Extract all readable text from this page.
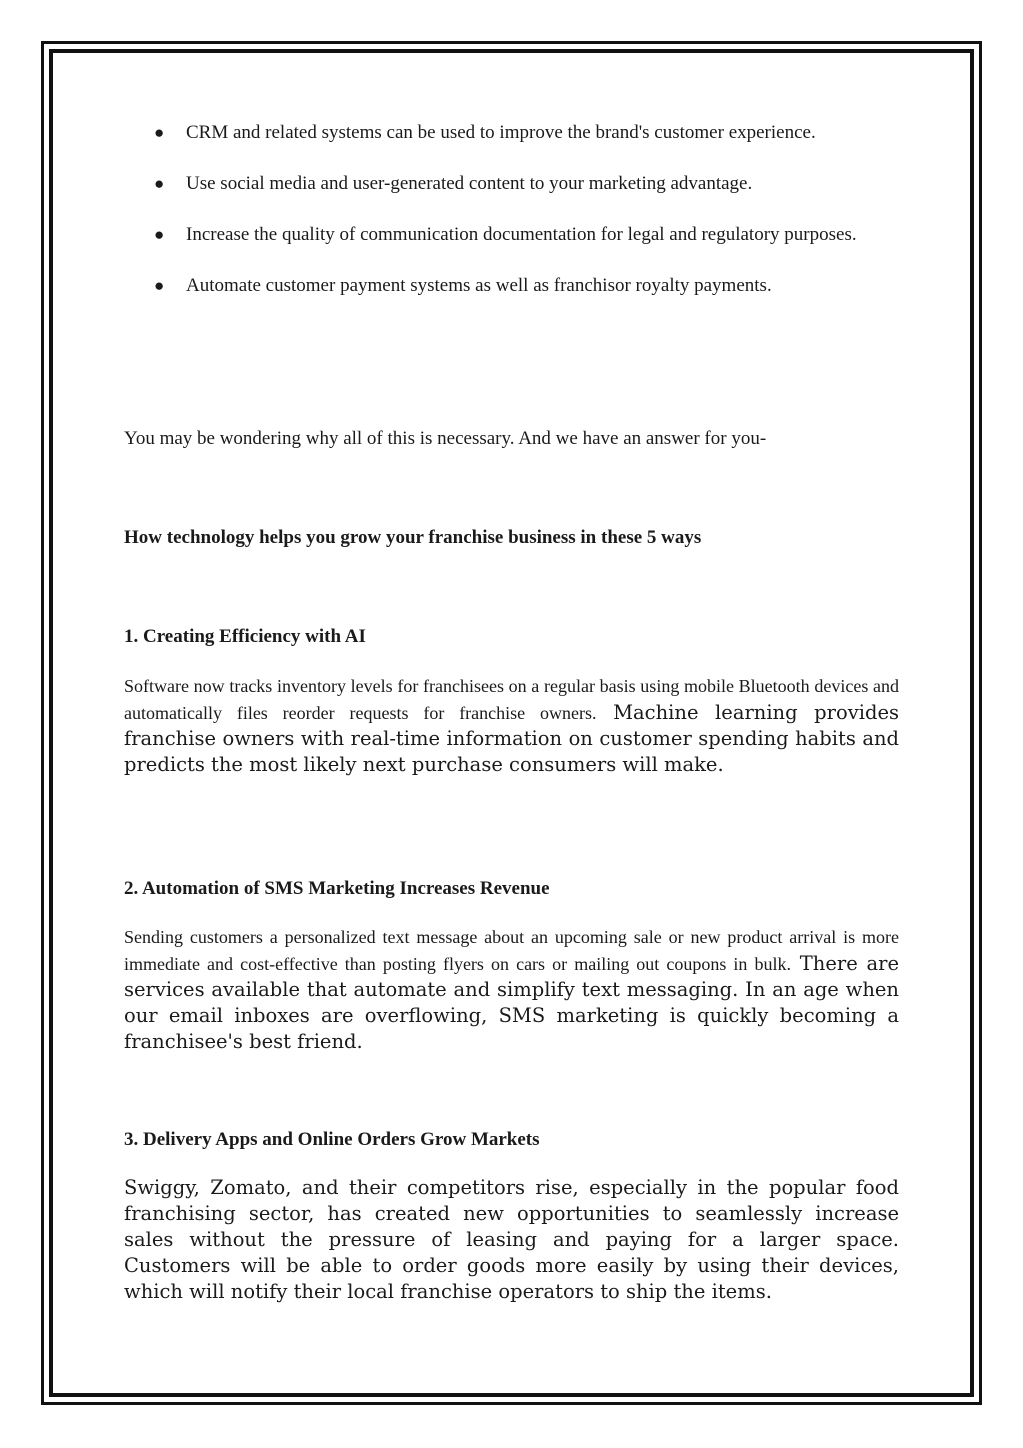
● CRM and related systems can be used to improve the brand's customer experience.
● Use social media and user-generated content to your marketing advantage.
● Increase the quality of communication documentation for legal and regulatory purposes.
● Automate customer payment systems as well as franchisor royalty payments.

You may be wondering why all of this is necessary. And we have an answer for you-

How technology helps you grow your franchise business in these 5 ways
1. Creating Efficiency with AI

Software now tracks inventory levels for franchisees on a regular basis using mobile Bluetooth devices and automatically files reorder requests for franchise owners. Machine learning provides franchise owners with real-time information on customer spending habits and predicts the most likely next purchase consumers will make.

2. Automation of SMS Marketing Increases Revenue

Sending customers a personalized text message about an upcoming sale or new product arrival is more immediate and cost-effective than posting flyers on cars or mailing out coupons in bulk. There are services available that automate and simplify text messaging. In an age when our email inboxes are overflowing, SMS marketing is quickly becoming a franchisee's best friend.

3. Delivery Apps and Online Orders Grow Markets

Swiggy, Zomato, and their competitors rise, especially in the popular food franchising sector, has created new opportunities to seamlessly increase sales without the pressure of leasing and paying for a larger space. Customers will be able to order goods more easily by using their devices, which will notify their local franchise operators to ship the items.
